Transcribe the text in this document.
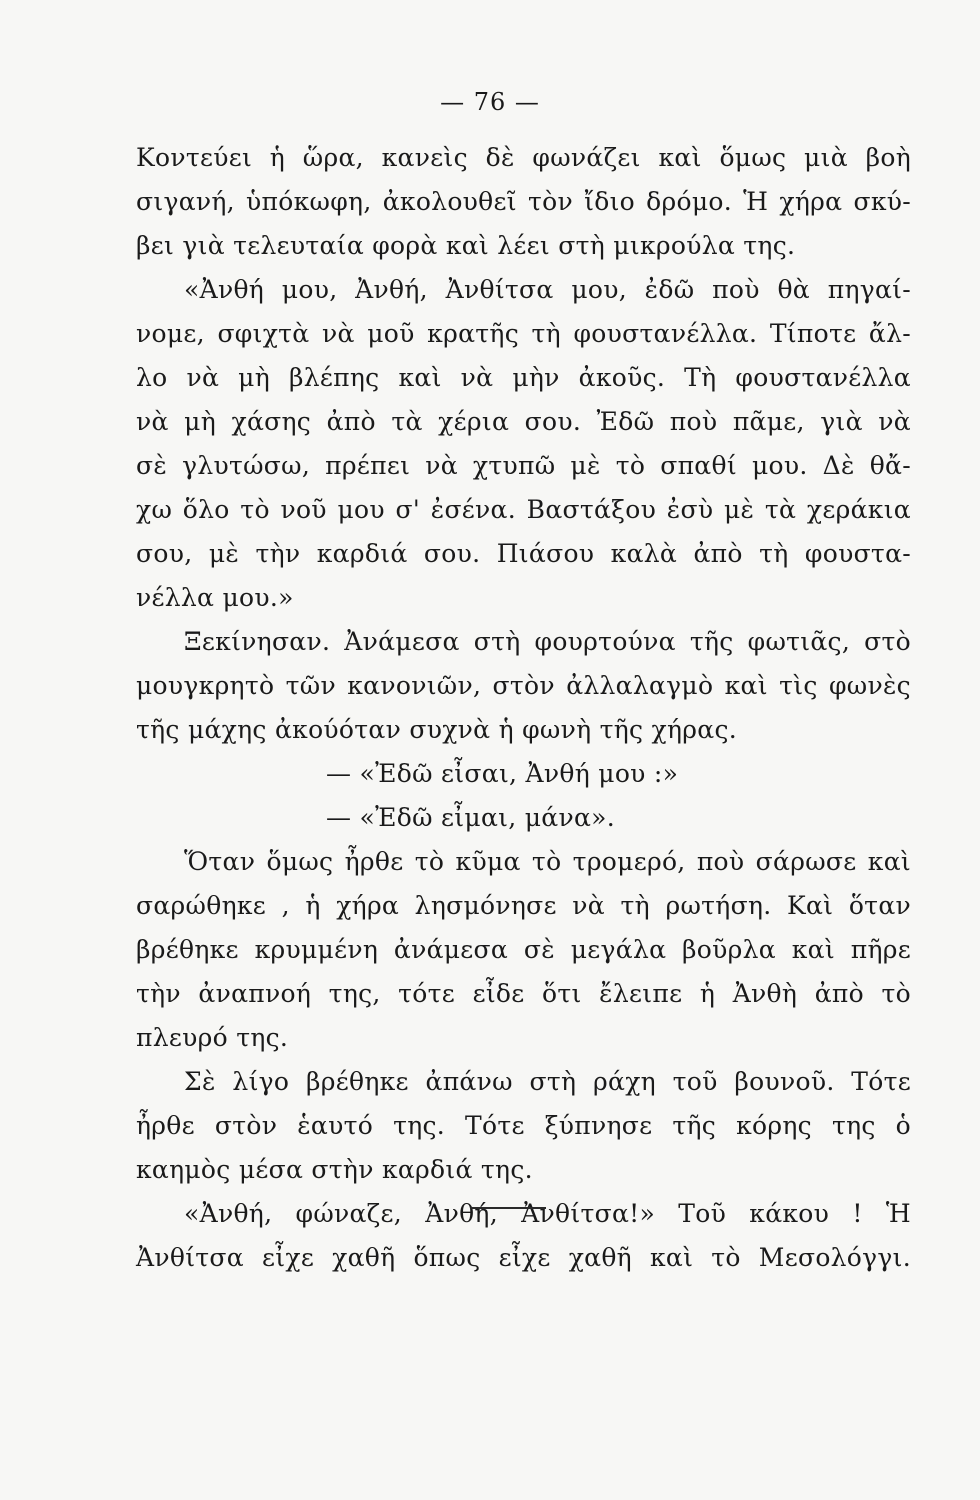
— 76 —
Κοντεύει ἡ ὥρα, κανεὶς δὲ φωνάζει καὶ ὅμως μιὰ βοὴ
σιγανή, ὑπόκωφη, ἀκολουθεῖ τὸν ἴδιο δρόμο. Ἡ χήρα σκύ-
βει γιὰ τελευταία φορὰ καὶ λέει στὴ μικρούλα της.
«Ἀνθή μου, Ἀνθή, Ἀνθίτσα μου, ἐδῶ ποὺ θὰ πηγαί-
νομε, σφιχτὰ νὰ μοῦ κρατῆς τὴ φουστανέλλα. Τίποτε ἄλ-
λο νὰ μὴ βλέπης καὶ νὰ μὴν ἀκοῦς. Τὴ φουστανέλλα
νὰ μὴ χάσης ἀπὸ τὰ χέρια σου. Ἐδῶ ποὺ πᾶμε, γιὰ νὰ
σὲ γλυτώσω, πρέπει νὰ χτυπῶ μὲ τὸ σπαθί μου. Δὲ θἄ-
χω ὅλο τὸ νοῦ μου σ' ἐσένα. Βαστάξου ἐσὺ μὲ τὰ χεράκια
σου, μὲ τὴν καρδιά σου. Πιάσου καλὰ ἀπὸ τὴ φουστα-
νέλλα μου.»
Ξεκίνησαν. Ἀνάμεσα στὴ φουρτούνα τῆς φωτιᾶς, στὸ
μουγκρητὸ τῶν κανονιῶν, στὸν ἀλλαλαγμὸ καὶ τὶς φωνὲς
τῆς μάχης ἀκούόταν συχνὰ ἡ φωνὴ τῆς χήρας.
— «Ἐδῶ εἶσαι, Ἀνθή μου :»
— «Ἐδῶ εἶμαι, μάνα».
Ὅταν ὅμως ἦρθε τὸ κῦμα τὸ τρομερό, ποὺ σάρωσε καὶ
σαρώθηκε , ἡ χήρα λησμόνησε νὰ τὴ ρωτήση. Καὶ ὅταν
βρέθηκε κρυμμένη ἀνάμεσα σὲ μεγάλα βοῦρλα καὶ πῆρε
τὴν ἀναπνοή της, τότε εἶδε ὅτι ἔλειπε ἡ Ἀνθὴ ἀπὸ τὸ
πλευρό της.
Σὲ λίγο βρέθηκε ἀπάνω στὴ ράχη τοῦ βουνοῦ. Τότε
ἦρθε στὸν ἑαυτό της. Τότε ξύπνησε τῆς κόρης της ὁ
καημὸς μέσα στὴν καρδιά της.
«Ἀνθή, φώναζε, Ἀνθή, Ἀνθίτσα!» Τοῦ κάκου ! Ἡ
Ἀνθίτσα εἶχε χαθῆ ὅπως εἶχε χαθῆ καὶ τὸ Μεσολόγγι.
